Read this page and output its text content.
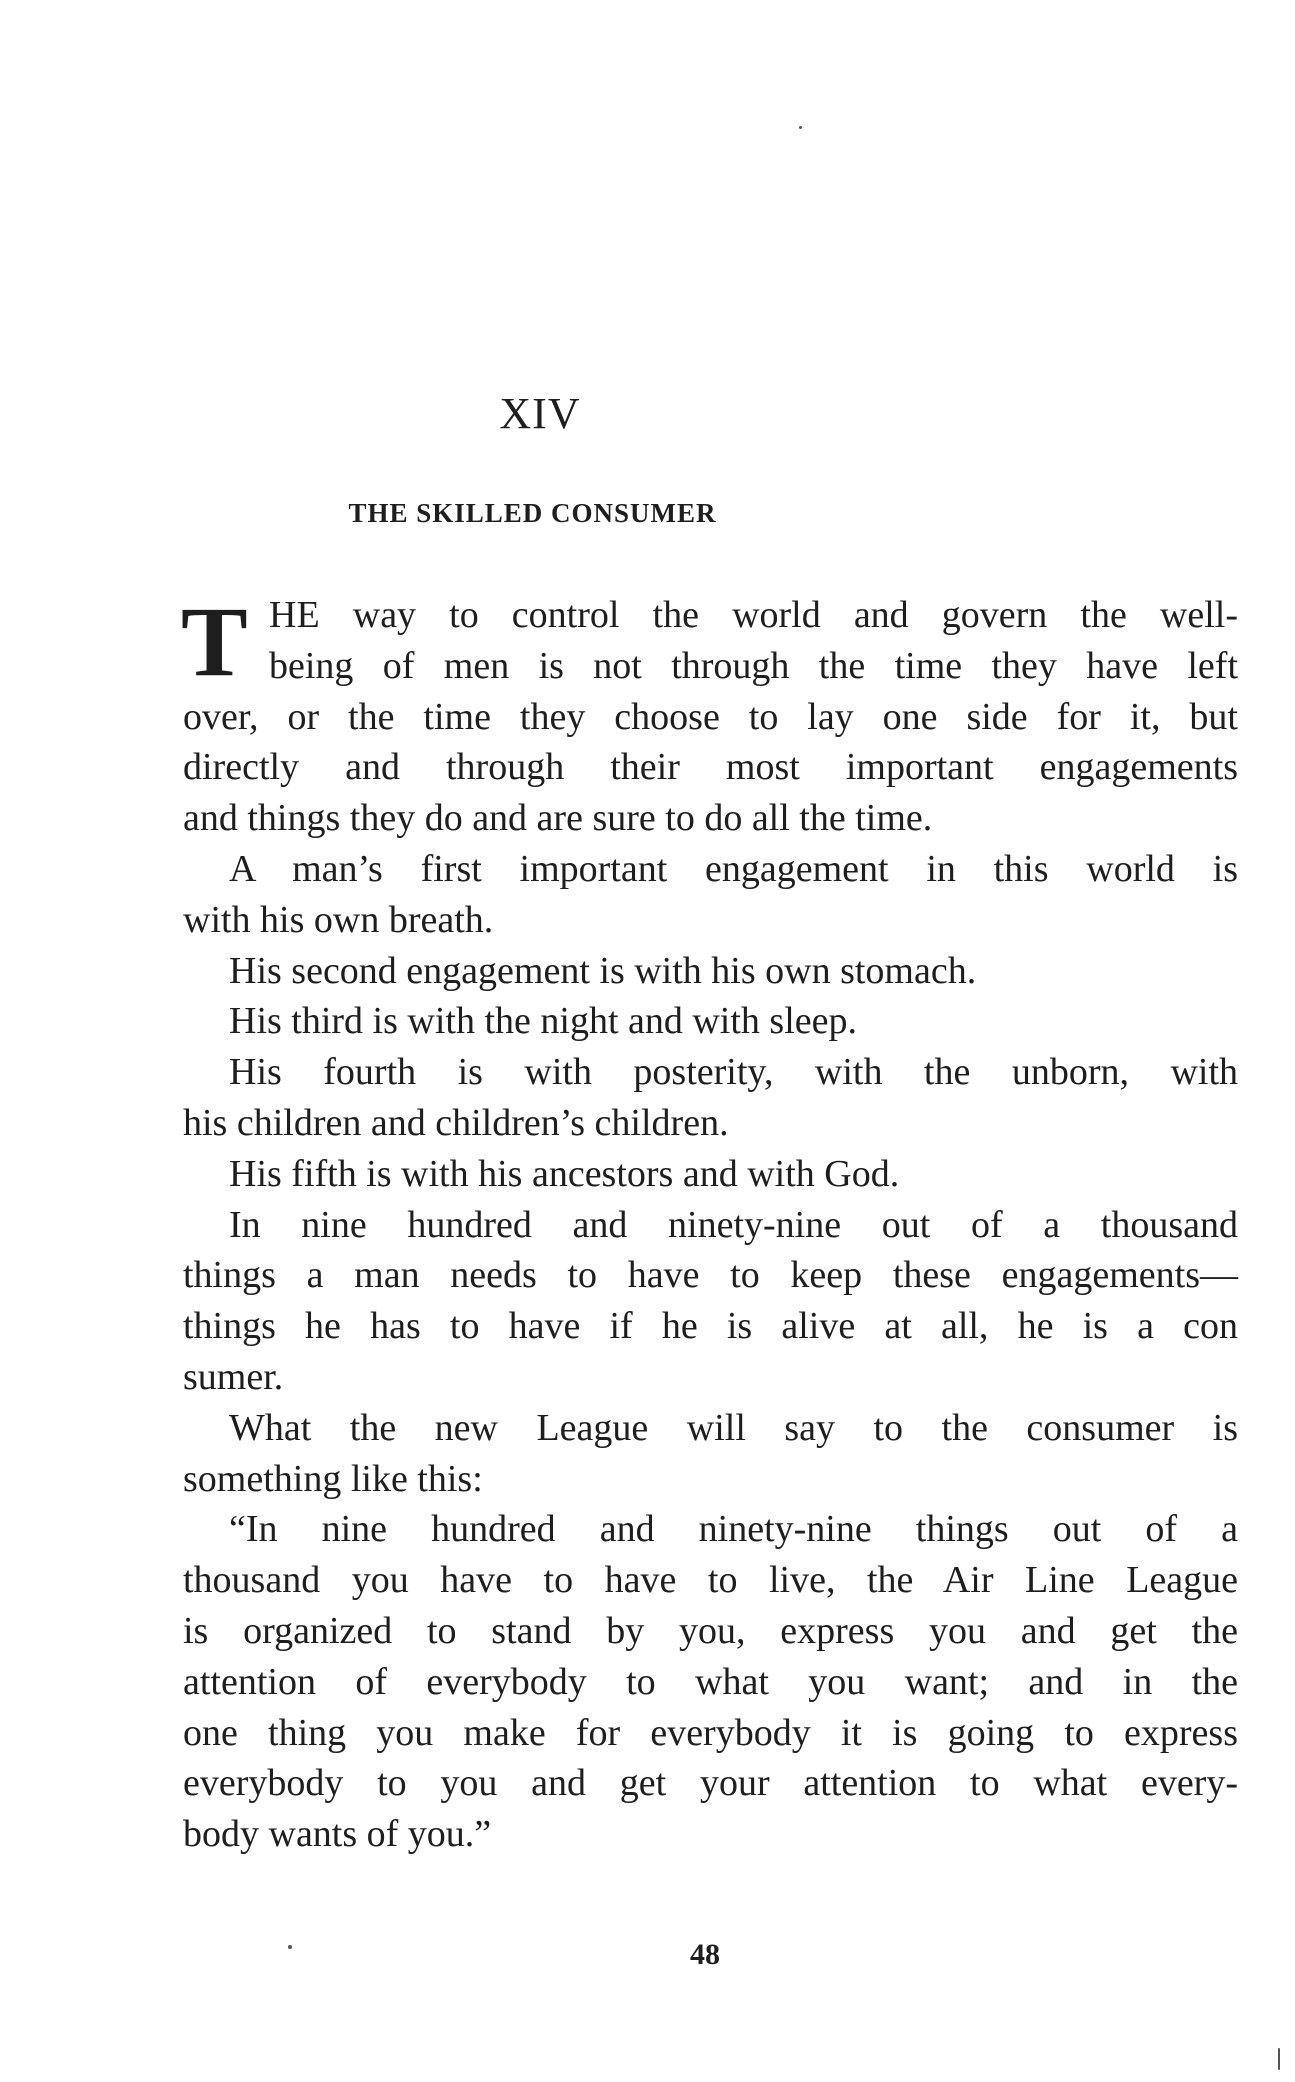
XIV
THE SKILLED CONSUMER
T HE way to control the world and govern the well-
being of men is not through the time they have left
over, or the time they choose to lay one side for it, but
directly and through their most important engagements
and things they do and are sure to do all the time.
A man’s first important engagement in this world is
with his own breath.
His second engagement is with his own stomach.
His third is with the night and with sleep.
His fourth is with posterity, with the unborn, with
his children and children’s children.
His fifth is with his ancestors and with God.
In nine hundred and ninety-nine out of a thousand
things a man needs to have to keep these engagements—
things he has to have if he is alive at all, he is a con
sumer.
What the new League will say to the consumer is
something like this:
“In nine hundred and ninety-nine things out of a
thousand you have to have to live, the Air Line League
is organized to stand by you, express you and get the
attention of everybody to what you want; and in the
one thing you make for everybody it is going to express
everybody to you and get your attention to what every-
body wants of you.”
48
